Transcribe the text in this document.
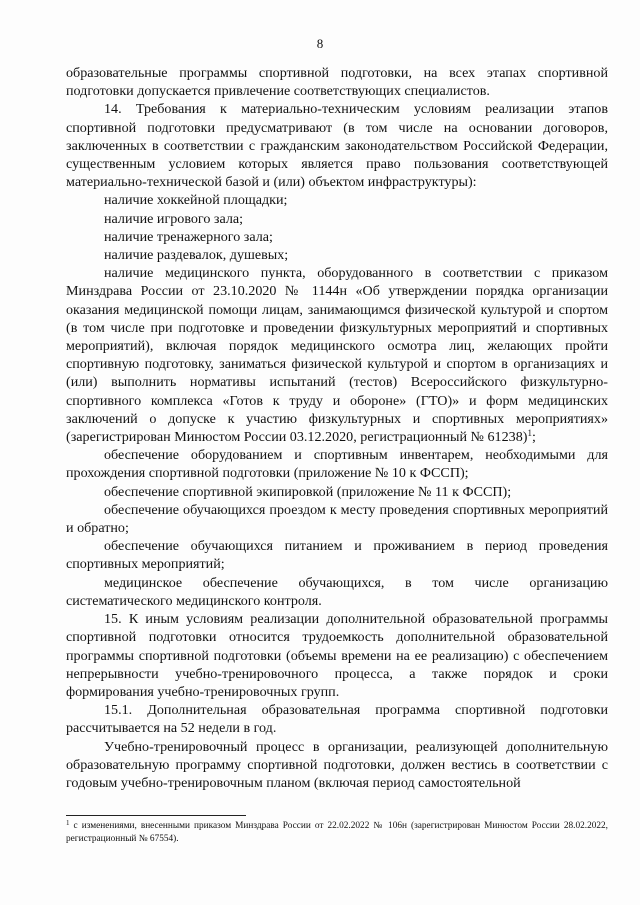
8

образовательные программы спортивной подготовки, на всех этапах спортивной подготовки допускается привлечение соответствующих специалистов.

14. Требования к материально-техническим условиям реализации этапов спортивной подготовки предусматривают (в том числе на основании договоров, заключенных в соответствии с гражданским законодательством Российской Федерации, существенным условием которых является право пользования соответствующей материально-технической базой и (или) объектом инфраструктуры):

наличие хоккейной площадки;

наличие игрового зала;

наличие тренажерного зала;

наличие раздевалок, душевых;

наличие медицинского пункта, оборудованного в соответствии с приказом Минздрава России от 23.10.2020 № 1144н «Об утверждении порядка организации оказания медицинской помощи лицам, занимающимся физической культурой и спортом (в том числе при подготовке и проведении физкультурных мероприятий и спортивных мероприятий), включая порядок медицинского осмотра лиц, желающих пройти спортивную подготовку, заниматься физической культурой и спортом в организациях и (или) выполнить нормативы испытаний (тестов) Всероссийского физкультурно-спортивного комплекса «Готов к труду и обороне» (ГТО)» и форм медицинских заключений о допуске к участию физкультурных и спортивных мероприятиях» (зарегистрирован Минюстом России 03.12.2020, регистрационный № 61238)$^1$;

обеспечение оборудованием и спортивным инвентарем, необходимыми для прохождения спортивной подготовки (приложение № 10 к ФССП);

обеспечение спортивной экипировкой (приложение № 11 к ФССП);

обеспечение обучающихся проездом к месту проведения спортивных мероприятий и обратно;

обеспечение обучающихся питанием и проживанием в период проведения спортивных мероприятий;

медицинское обеспечение обучающихся, в том числе организацию систематического медицинского контроля.

15. К иным условиям реализации дополнительной образовательной программы спортивной подготовки относится трудоемкость дополнительной образовательной программы спортивной подготовки (объемы времени на ее реализацию) с обеспечением непрерывности учебно-тренировочного процесса, а также порядок и сроки формирования учебно-тренировочных групп.

15.1. Дополнительная образовательная программа спортивной подготовки рассчитывается на 52 недели в год.

Учебно-тренировочный процесс в организации, реализующей дополнительную образовательную программу спортивной подготовки, должен вестись в соответствии с годовым учебно-тренировочным планом (включая период самостоятельной

$^1$ с изменениями, внесенными приказом Минздрава России от 22.02.2022 № 106н (зарегистрирован Минюстом России 28.02.2022, регистрационный № 67554).
